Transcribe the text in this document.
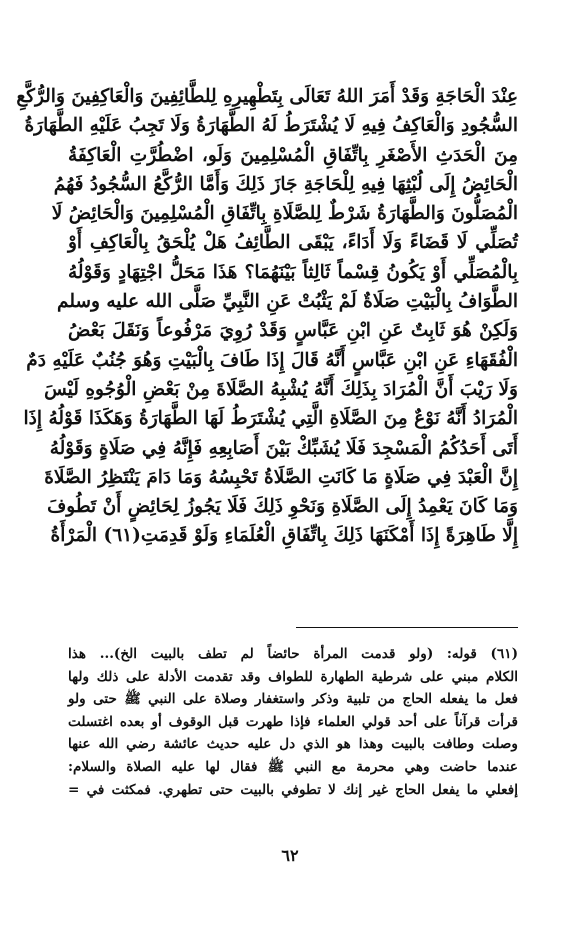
عِنْدَ الْحَاجَةِ وَقَدْ أَمَرَ اللهُ تَعَالَى بِتَطْهِيرِهِ لِلطَّائِفِينَ وَالْعَاكِفِينَ وَالرُّكَّعِ
السُّجُودِ وَالْعَاكِفُ فِيهِ لَا يُشْتَرَطُ لَهُ الطَّهَارَةُ وَلَا تَجِبُ عَلَيْهِ الطَّهَارَةُ
مِنَ الْحَدَثِ الأَصْغَرِ بِاتِّفَاقِ الْمُسْلِمِينَ وَلَو، اضْطُرَّتِ الْعَاكِفَةُ
الْحَائِضُ إِلَى لُبْثِهَا فِيهِ لِلْحَاجَةِ جَازَ ذَلِكَ وَأَمَّا الرُّكَّعُ السُّجُودُ فَهُمُ
الْمُصَلُّونَ وَالطَّهَارَةُ شَرْطٌ لِلصَّلَاةِ بِاتِّفَاقِ الْمُسْلِمِينَ وَالْحَائِضُ لَا
تُصَلِّي لَا قَضَاءً وَلَا أَدَاءً، يَبْقَى الطَّائِفُ هَلْ يُلْحَقُ بِالْعَاكِفِ أَوْ
بِالْمُصَلِّي أَوْ يَكُونُ قِسْماً ثَالِثاً بَيْنَهُمَا؟ هَذَا مَحَلُّ اجْتِهَادٍ وَقَوْلُهُ
الطَّوَافُ بِالْبَيْتِ صَلَاةٌ لَمْ يَثْبُتْ عَنِ النَّبِيِّ صَلَّى الله عليه وسلم
وَلَكِنْ هُوَ ثَابِتٌ عَنِ ابْنِ عَبَّاسٍ وَقَدْ رُوِيَ مَرْفُوعاً وَنَقَلَ بَعْضُ
الْفُقَهَاءِ عَنِ ابْنِ عَبَّاسٍ أَنَّهُ قَالَ إِذَا طَافَ بِالْبَيْتِ وَهُوَ جُنُبٌ عَلَيْهِ دَمٌ
وَلَا رَيْبَ أَنَّ الْمُرَادَ بِذَلِكَ أَنَّهُ يُشْبِهُ الصَّلَاةَ مِنْ بَعْضِ الْوُجُوهِ لَيْسَ
الْمُرَادُ أَنَّهُ نَوْعٌ مِنَ الصَّلَاةِ الَّتِي يُشْتَرَطُ لَهَا الطَّهَارَةُ وَهَكَذَا قَوْلُهُ إِذَا
أَتَى أَحَدُكُمُ الْمَسْجِدَ فَلَا يُشَبِّكْ بَيْنَ أَصَابِعِهِ فَإِنَّهُ فِي صَلَاةٍ وَقَوْلُهُ
إِنَّ الْعَبْدَ فِي صَلَاةٍ مَا كَانَتِ الصَّلَاةُ تَحْبِسُهُ وَمَا دَامَ يَنْتَظِرُ الصَّلَاةَ
وَمَا كَانَ يَعْمِدُ إِلَى الصَّلَاةِ وَنَحْوِ ذَلِكَ فَلَا يَجُوزُ لِحَائِضٍ أَنْ تَطُوفَ
إِلَّا طَاهِرَةً إِذَا أَمْكَنَهَا ذَلِكَ بِاتِّفَاقِ الْعُلَمَاءِ وَلَوْ قَدِمَتِ(٦١) الْمَرْأَةُ
(٦١) قوله: (ولو قدمت المرأة حائضاً لم تطف بالبيت الخ)... هذا
الكلام مبني على شرطية الطهارة للطواف وقد تقدمت الأدلة على ذلك ولها
فعل ما يفعله الحاج من تلبية وذكر واستغفار وصلاة على النبي ﷺ حتى ولو
قرأت قرآناً على أحد قولي العلماء فإذا طهرت قبل الوقوف أو بعده اغتسلت
وصلت وطافت بالبيت وهذا هو الذي دل عليه حديث عائشة رضي الله عنها
عندما حاضت وهي محرمة مع النبي ﷺ فقال لها عليه الصلاة والسلام:
إفعلي ما يفعل الحاج غير إنك لا تطوفي بالبيت حتى تطهري. فمكثت في =
٦٢
